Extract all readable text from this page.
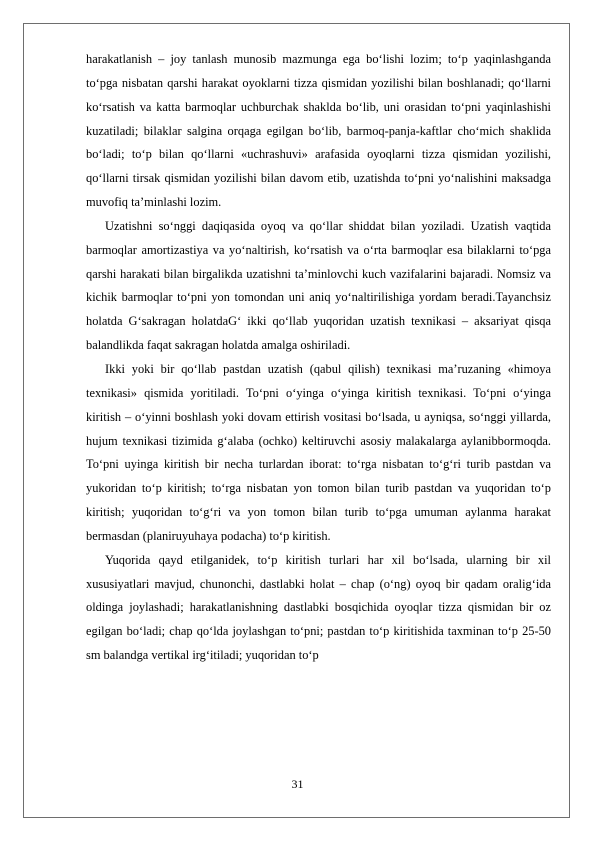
harakatlanish – joy tanlash munosib mazmunga ega bo‘lishi lozim; to‘p yaqinlashganda to‘pga nisbatan qarshi harakat oyoklarni tizza qismidan yozilishi bilan boshlanadi; qo‘llarni ko‘rsatish va katta barmoqlar uchburchak shaklda bo‘lib, uni orasidan to‘pni yaqinlashishi kuzatiladi; bilaklar salgina orqaga egilgan bo‘lib, barmoq-panja-kaftlar cho‘mich shaklida bo‘ladi; to‘p bilan qo‘llarni «uchrashuvi» arafasida oyoqlarni tizza qismidan yozilishi, qo‘llarni tirsak qismidan yozilishi bilan davom etib, uzatishda to‘pni yo‘nalishini maksadga muvofiq ta’minlashi lozim.

Uzatishni so‘nggi daqiqasida oyoq va qo‘llar shiddat bilan yoziladi. Uzatish vaqtida barmoqlar amortizastiya va yo‘naltirish, ko‘rsatish va o‘rta barmoqlar esa bilaklarni to‘pga qarshi harakati bilan birgalikda uzatishni ta’minlovchi kuch vazifalarini bajaradi. Nomsiz va kichik barmoqlar to‘pni yon tomondan uni aniq yo‘naltirilishiga yordam beradi.Tayanchsiz holatda G‘sakragan holatdaG‘ ikki qo‘llab yuqoridan uzatish texnikasi – aksariyat qisqa balandlikda faqat sakragan holatda amalga oshiriladi.

Ikki yoki bir qo‘llab pastdan uzatish (qabul qilish) texnikasi ma’ruzaning «himoya texnikasi» qismida yoritiladi. To‘pni o‘yinga o‘yinga kiritish texnikasi. To‘pni o‘yinga kiritish – o‘yinni boshlash yoki dovam ettirish vositasi bo‘lsada, u ayniqsa, so‘nggi yillarda, hujum texnikasi tizimida g‘alaba (ochko) keltiruvchi asosiy malakalarga aylanibbormoqda. To‘pni uyinga kiritish bir necha turlardan iborat: to‘rga nisbatan to‘g‘ri turib pastdan va yukoridan to‘p kiritish; to‘rga nisbatan yon tomon bilan turib pastdan va yuqoridan to‘p kiritish; yuqoridan to‘g‘ri va yon tomon bilan turib to‘pga umuman aylanma harakat bermasdan (planiruyuhaya podacha) to‘p kiritish.

Yuqorida qayd etilganidek, to‘p kiritish turlari har xil bo‘lsada, ularning bir xil xususiyatlari mavjud, chunonchi, dastlabki holat – chap (o‘ng) oyoq bir qadam oralig‘ida oldinga joylashadi; harakatlanishning dastlabki bosqichida oyoqlar tizza qismidan bir oz egilgan bo‘ladi; chap qo‘lda joylashgan to‘pni; pastdan to‘p kiritishida taxminan to‘p 25-50 sm balandga vertikal irg‘itiladi; yuqoridan to‘p

31
